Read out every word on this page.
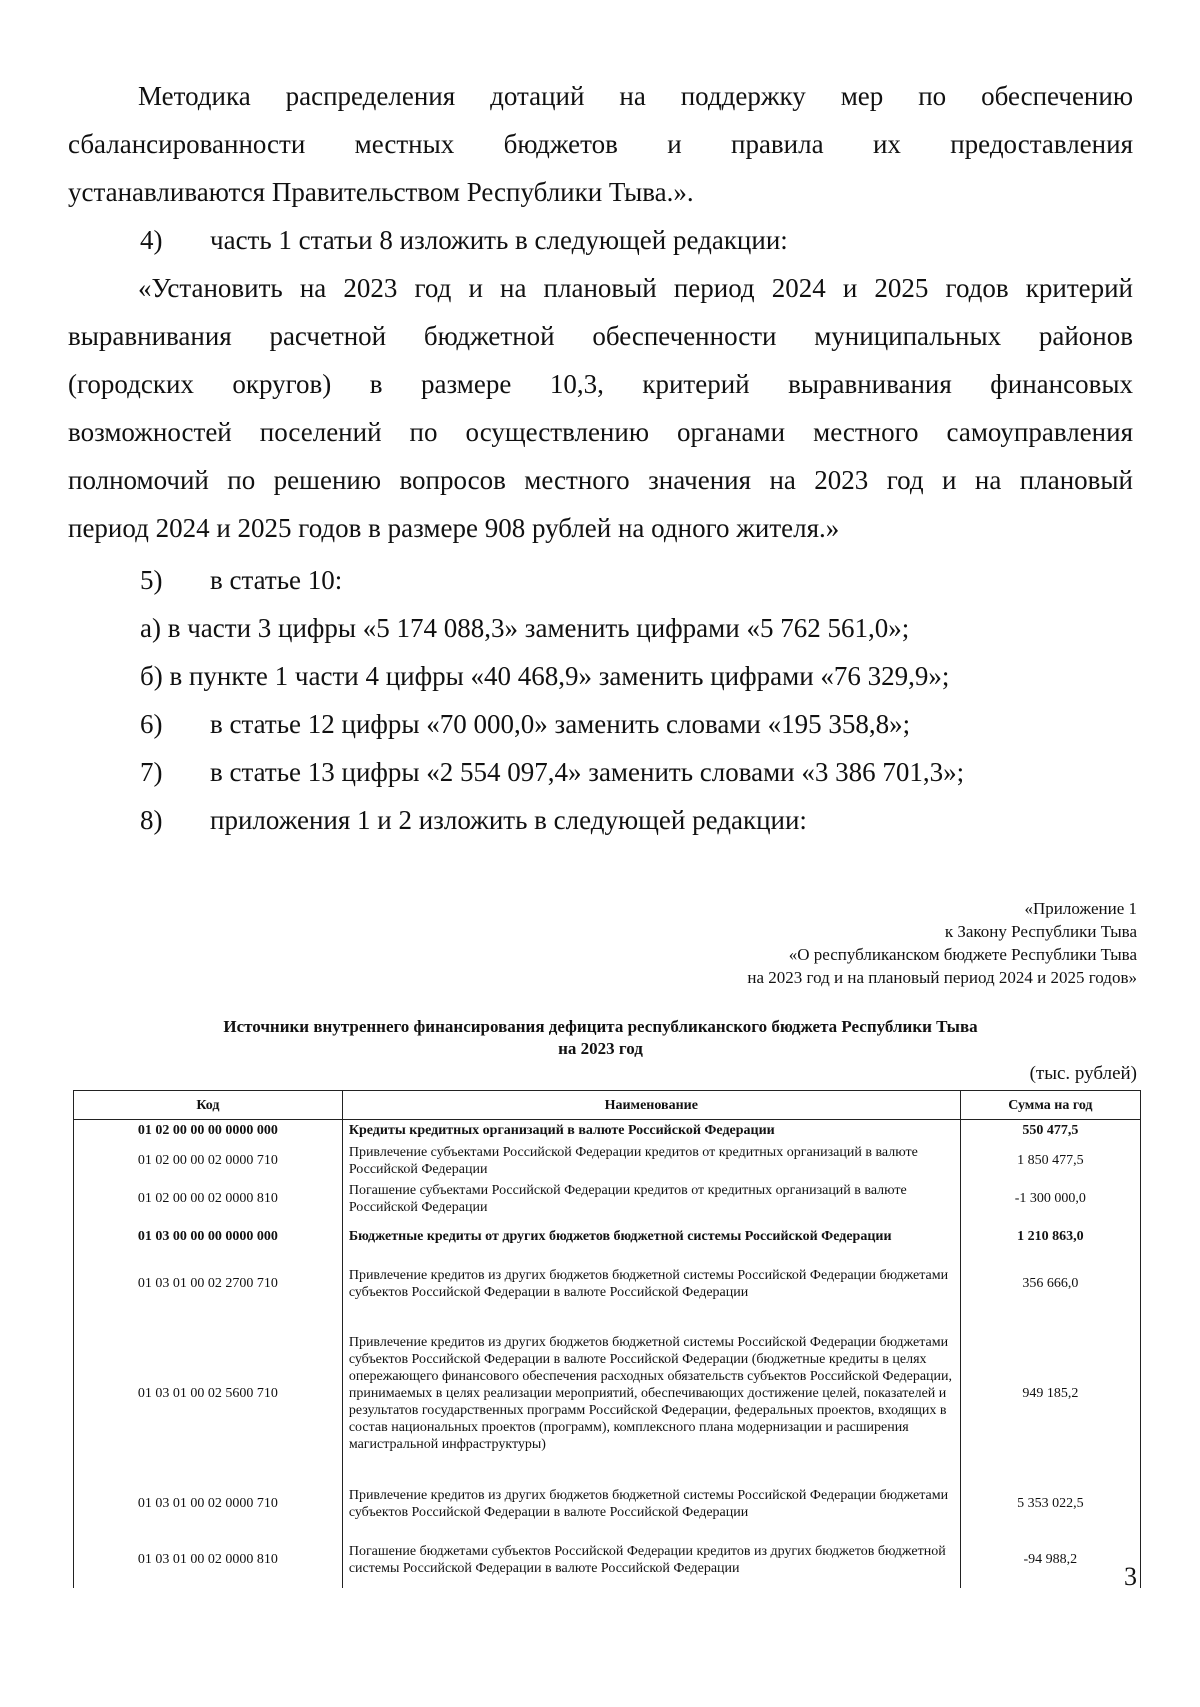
Методика распределения дотаций на поддержку мер по обеспечению
сбалансированности местных бюджетов и правила их предоставления
устанавливаются Правительством Республики Тыва.».
4) часть 1 статьи 8 изложить в следующей редакции:
«Установить на 2023 год и на плановый период 2024 и 2025 годов критерий
выравнивания расчетной бюджетной обеспеченности муниципальных районов
(городских округов) в размере 10,3, критерий выравнивания финансовых
возможностей поселений по осуществлению органами местного самоуправления
полномочий по решению вопросов местного значения на 2023 год и на плановый
период 2024 и 2025 годов в размере 908 рублей на одного жителя.»
5) в статье 10:
а) в части 3 цифры «5 174 088,3» заменить цифрами «5 762 561,0»;
б) в пункте 1 части 4 цифры «40 468,9» заменить цифрами «76 329,9»;
6) в статье 12 цифры «70 000,0» заменить словами «195 358,8»;
7) в статье 13 цифры «2 554 097,4» заменить словами «3 386 701,3»;
8) приложения 1 и 2 изложить в следующей редакции:
«Приложение 1
к Закону Республики Тыва
«О республиканском бюджете Республики Тыва
на 2023 год и на плановый период 2024 и 2025 годов»
Источники внутреннего финансирования дефицита республиканского бюджета Республики Тыва
на 2023 год
(тыс. рублей)
Код	Наименование	Сумма на год
01 02 00 00 00 0000 000	Кредиты кредитных организаций в валюте Российской Федерации	550 477,5
01 02 00 00 02 0000 710	Привлечение субъектами Российской Федерации кредитов от кредитных организаций в валюте Российской Федерации	1 850 477,5
01 02 00 00 02 0000 810	Погашение субъектами Российской Федерации кредитов от кредитных организаций в валюте Российской Федерации	-1 300 000,0
01 03 00 00 00 0000 000	Бюджетные кредиты от других бюджетов бюджетной системы Российской Федерации	1 210 863,0
01 03 01 00 02 2700 710	Привлечение кредитов из других бюджетов бюджетной системы Российской Федерации бюджетами субъектов Российской Федерации в валюте Российской Федерации	356 666,0
01 03 01 00 02 5600 710	Привлечение кредитов из других бюджетов бюджетной системы Российской Федерации бюджетами субъектов Российской Федерации в валюте Российской Федерации (бюджетные кредиты в целях опережающего финансового обеспечения расходных обязательств субъектов Российской Федерации, принимаемых в целях реализации мероприятий, обеспечивающих достижение целей, показателей и результатов государственных программ Российской Федерации, федеральных проектов, входящих в состав национальных проектов (программ), комплексного плана модернизации и расширения магистральной инфраструктуры)	949 185,2
01 03 01 00 02 0000 710	Привлечение кредитов из других бюджетов бюджетной системы Российской Федерации бюджетами субъектов Российской Федерации в валюте Российской Федерации	5 353 022,5
01 03 01 00 02 0000 810	Погашение бюджетами субъектов Российской Федерации кредитов из других бюджетов бюджетной системы Российской Федерации в валюте Российской Федерации	-94 988,2
3
